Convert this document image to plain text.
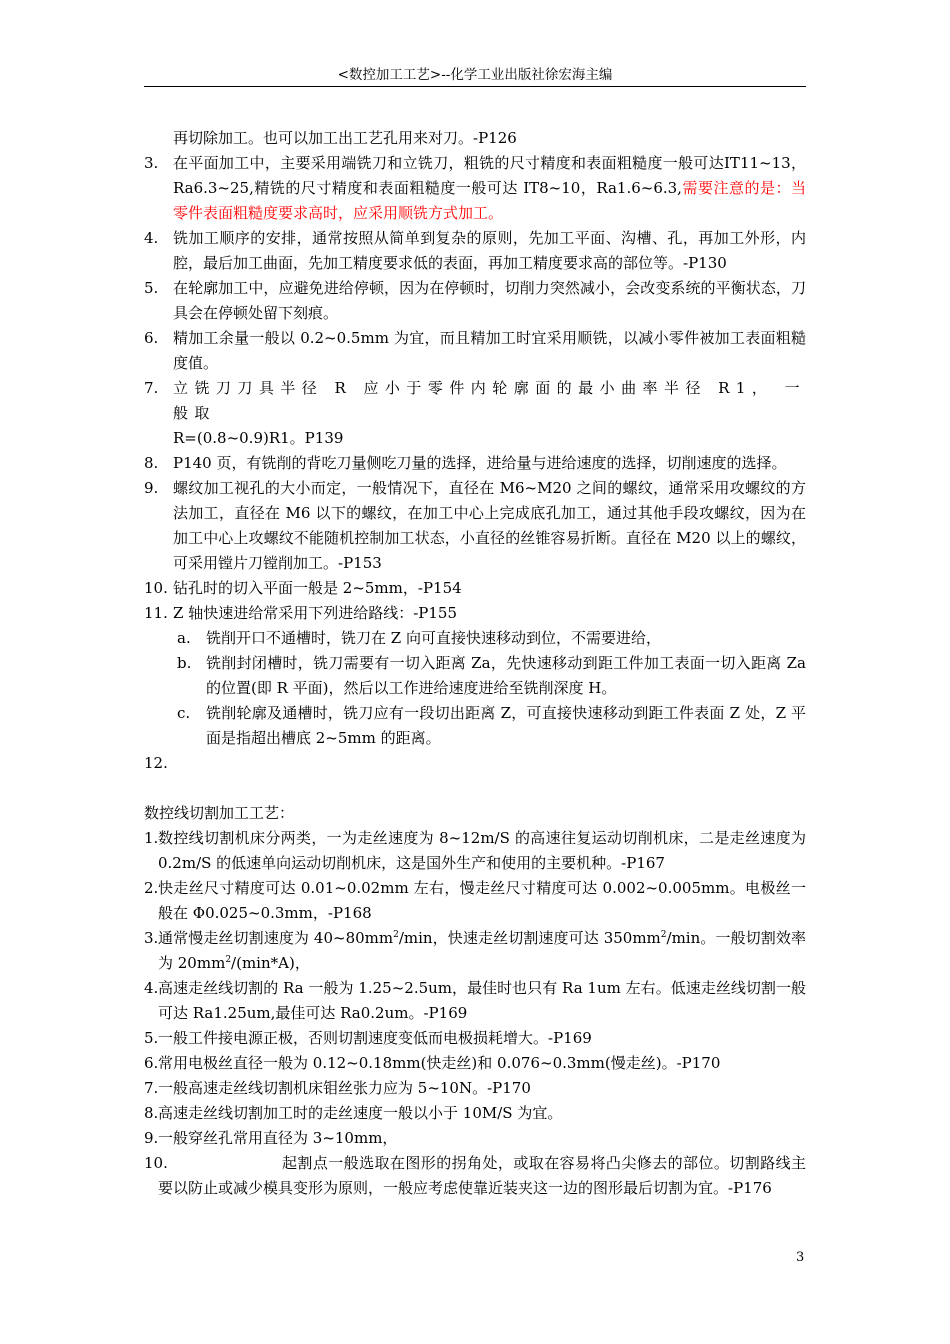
<数控加工工艺>--化学工业出版社徐宏海主编
再切除加工。也可以加工出工艺孔用来对刀。-P126
3. 在平面加工中，主要采用端铣刀和立铣刀，粗铣的尺寸精度和表面粗糙度一般可达IT11~13，Ra6.3~25,精铣的尺寸精度和表面粗糙度一般可达 IT8~10，Ra1.6~6.3,需要注意的是：当零件表面粗糙度要求高时，应采用顺铣方式加工。
4. 铣加工顺序的安排，通常按照从简单到复杂的原则，先加工平面、沟槽、孔，再加工外形，内腔，最后加工曲面，先加工精度要求低的表面，再加工精度要求高的部位等。-P130
5. 在轮廓加工中，应避免进给停顿，因为在停顿时，切削力突然减小，会改变系统的平衡状态，刀具会在停顿处留下刻痕。
6. 精加工余量一般以 0.2~0.5mm 为宜，而且精加工时宜采用顺铣，以减小零件被加工表面粗糙度值。
7. 立铣刀刀具半径 R 应小于零件内轮廓面的最小曲率半径 R1， 一般取
R=(0.8~0.9)R1。P139
8. P140 页，有铣削的背吃刀量侧吃刀量的选择，进给量与进给速度的选择，切削速度的选择。
9. 螺纹加工视孔的大小而定，一般情况下，直径在 M6~M20 之间的螺纹，通常采用攻螺纹的方法加工，直径在 M6 以下的螺纹，在加工中心上完成底孔加工，通过其他手段攻螺纹，因为在加工中心上攻螺纹不能随机控制加工状态，小直径的丝锥容易折断。直径在 M20 以上的螺纹，可采用镗片刀镗削加工。-P153
10. 钻孔时的切入平面一般是 2~5mm，-P154
11. Z 轴快速进给常采用下列进给路线：-P155
a.	铣削开口不通槽时，铣刀在 Z 向可直接快速移动到位，不需要进给，
b. 铣削封闭槽时，铣刀需要有一切入距离 Za，先快速移动到距工件加工表面一切入距离 Za 的位置(即 R 平面)，然后以工作进给速度进给至铣削深度 H。
c.	铣削轮廓及通槽时，铣刀应有一段切出距离 Z，可直接快速移动到距工件表面 Z 处，Z 平面是指超出槽底 2~5mm 的距离。
12.

数控线切割加工工艺：
1. 数控线切割机床分两类，一为走丝速度为 8~12m/S 的高速往复运动切削机床，二是走丝速度为 0.2m/S 的低速单向运动切削机床，这是国外生产和使用的主要机种。-P167
2. 快走丝尺寸精度可达 0.01~0.02mm 左右，慢走丝尺寸精度可达 0.002~0.005mm。电极丝一般在 Φ0.025~0.3mm，-P168
3. 通常慢走丝切割速度为 $40\sim 80mm^2/\min$，快速走丝切割速度可达 $350mm^2/\min$。一般切割效率为 $20mm^2/(\min*A)$，
4. 高速走丝线切割的 Ra 一般为 1.25~2.5um，最佳时也只有 Ra 1um 左右。低速走丝线切割一般可达 Ra1.25um,最佳可达 Ra0.2um。-P169
5. 一般工件接电源正极，否则切割速度变低而电极损耗增大。-P169
6. 常用电极丝直径一般为 0.12~0.18mm(快走丝)和 0.076~0.3mm(慢走丝)。-P170
7. 一般高速走丝线切割机床钼丝张力应为 5~10N。-P170
8. 高速走丝线切割加工时的走丝速度一般以小于 10M/S 为宜。
9. 一般穿丝孔常用直径为 3~10mm，
10.	起割点一般选取在图形的拐角处，或取在容易将凸尖修去的部位。切割路线主要以防止或减少模具变形为原则，一般应考虑使靠近装夹这一边的图形最后切割为宜。-P176
3
